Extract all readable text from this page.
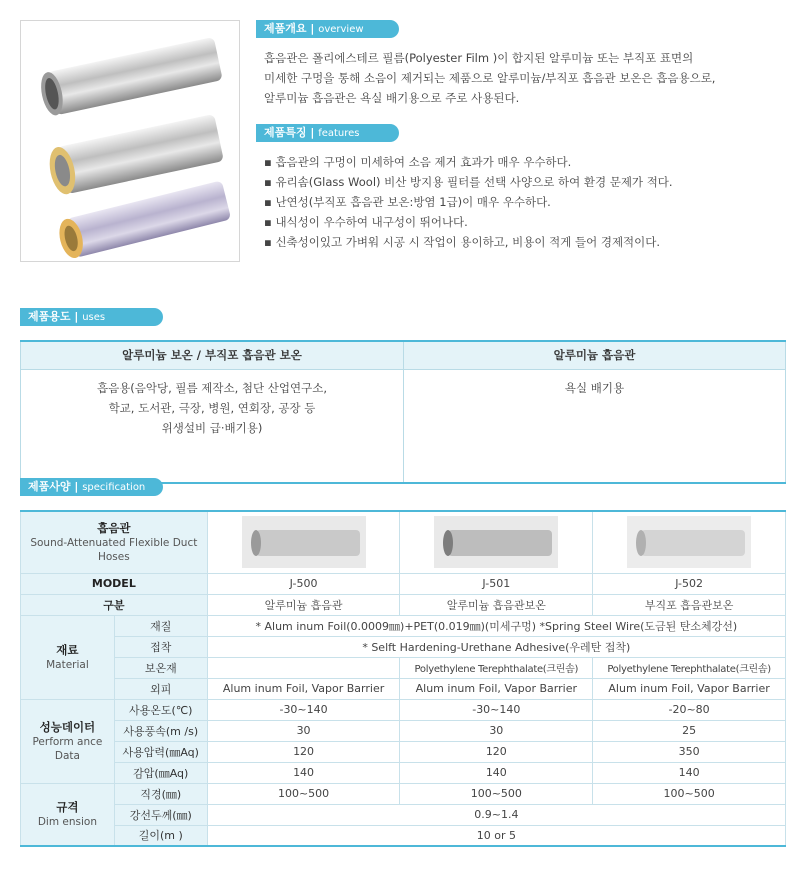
제품개요 | overview
흡음관은 폴리에스테르 필름(Polyester Film )이 합지된 알루미늄 또는 부직포 표면의
미세한 구멍을 통해 소음이 제거되는 제품으로 알루미늄/부직포 흡음관 보온은 흡음용으로,
알루미늄 흡음관은 욕실 배기용으로 주로 사용된다.
제품특징 | features
▪ 흡음관의 구멍이 미세하여 소음 제거 효과가 매우 우수하다.
▪ 유리솜(Glass Wool) 비산 방지용 필터를 선택 사양으로 하여 환경 문제가 적다.
▪ 난연성(부직포 흡음관 보온:방염 1급)이 매우 우수하다.
▪ 내식성이 우수하여 내구성이 뛰어나다.
▪ 신축성이있고 가벼워 시공 시 작업이 용이하고, 비용이 적게 들어 경제적이다.
제품용도 | uses
알루미늄 보온 / 부직포 흡음관 보온	알루미늄 흡음관

흡음용(음악당, 필름 제작소, 첨단 산업연구소,
학교, 도서관, 극장, 병원, 연회장, 공장 등
위생설비 급·배기용)	욕실 배기용
제품사양 | specification
흡음관
Sound-Attenuated Flexible Duct Hoses

MODEL		J-500	J-501	J-502
구분		알루미늄 흡음관	알루미늄 흡음관보온	부직포 흡음관보온

재료
Material	재질	* Alum inum Foil(0.0009㎜)+PET(0.019㎜)(미세구멍) *Spring Steel Wire(도금된 탄소체강선)		
	접착	* Selft Hardening-Urethane Adhesive(우레탄 접착)		
	보온재		Polyethylene Terephthalate(크린솜)	Polyethylene Terephthalate(크린솜)
	외피	Alum inum Foil, Vapor Barrier	Alum inum Foil, Vapor Barrier	Alum inum Foil, Vapor Barrier

성능데이터
Perform ance
Data	사용온도(℃)	-30~140	-30~140	-20~80
	사용풍속(m /s)	30	30	25
	사용압력(㎜Aq)	120	120	350
	감압(㎜Aq)	140	140	140

규격
Dim ension	직경(㎜)	100~500	100~500	100~500
	강선두께(㎜)	0.9~1.4		
	길이(m )	10 or 5		
